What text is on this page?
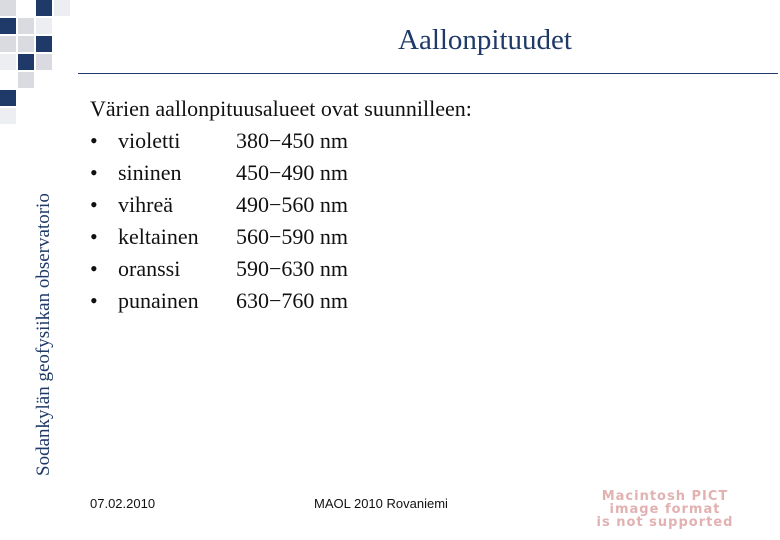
Sodankylän geofysiikan observatorio
Aallonpituudet
Värien aallonpituusalueet ovat suunnilleen:
• violetti	380−450 nm
• sininen 450−490 nm
• vihreä	490−560 nm
• keltainen 560−590 nm
• oranssi	590−630 nm
• punainen 630−760 nm
07.02.2010	MAOL 2010 Rovaniemi	Macintosh PICT
image format
is not supported
